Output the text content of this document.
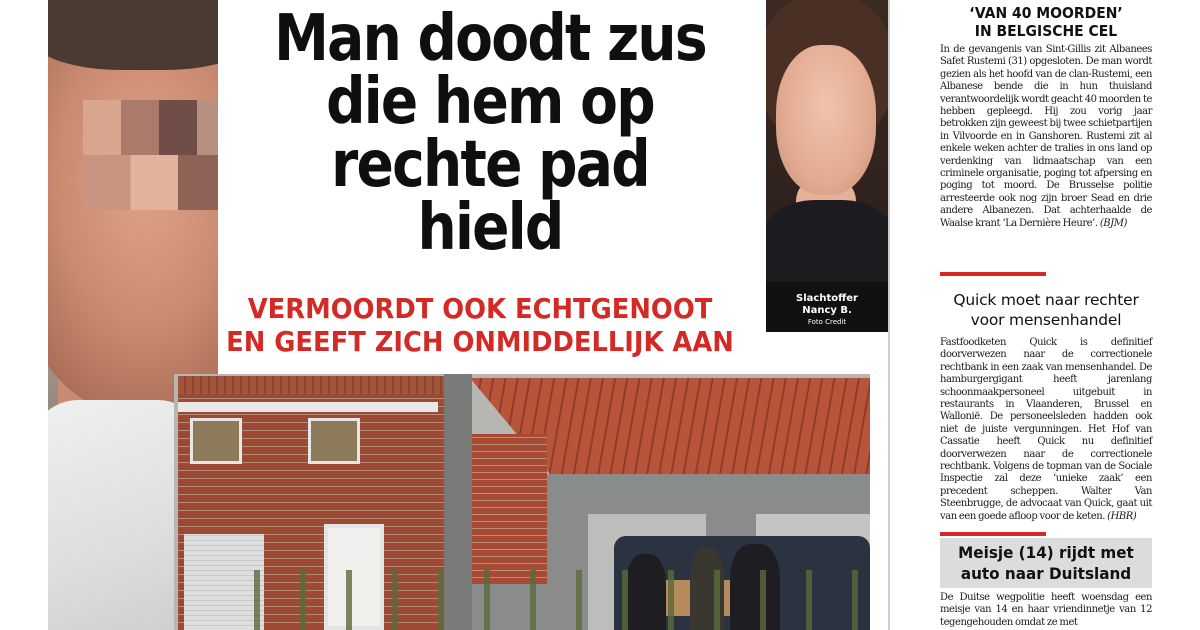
Man doodt zus
die hem op
rechte pad hield
VERMOORDT OOK ECHTGENOOT
EN GEEFT ZICH ONMIDDELLIJK AAN
Slachtoffer
Nancy B.
Foto Credit
‘VAN 40 MOORDEN’
IN BELGISCHE CEL

In de gevangenis van Sint-Gillis zit Albanees Safet Rustemi (31) opgesloten. De man wordt gezien als het hoofd van de clan-Rustemi, een Albanese bende die in hun thuisland verantwoordelijk wordt geacht 40 moorden te hebben gepleegd. Hij zou vorig jaar betrokken zijn geweest bij twee schietpartijen in Vilvoorde en in Ganshoren. Rustemi zit al enkele weken achter de tralies in ons land op verdenking van lidmaatschap van een criminele organisatie, poging tot afpersing en poging tot moord. De Brusselse politie arresteerde ook nog zijn broer Sead en drie andere Albanezen. Dat achterhaalde de Waalse krant ‘La Dernière Heure’. (BJM)

Quick moet naar rechter
voor mensenhandel

Fastfoodketen Quick is definitief doorverwezen naar de correctionele rechtbank in een zaak van mensenhandel. De hamburgergigant heeft jarenlang schoonmaakpersoneel uitgebuit in restaurants in Vlaanderen, Brussel en Wallonië. De personeelsleden hadden ook niet de juiste vergunningen. Het Hof van Cassatie heeft Quick nu definitief doorverwezen naar de correctionele rechtbank. Volgens de topman van de Sociale Inspectie zal deze ‘unieke zaak’ een precedent scheppen. Walter Van Steenbrugge, de advocaat van Quick, gaat uit van een goede afloop voor de keten. (HBR)

Meisje (14) rijdt met
auto naar Duitsland

De Duitse wegpolitie heeft woensdag een meisje van 14 en haar vriendinnetje van 12 tegengehouden omdat ze met
